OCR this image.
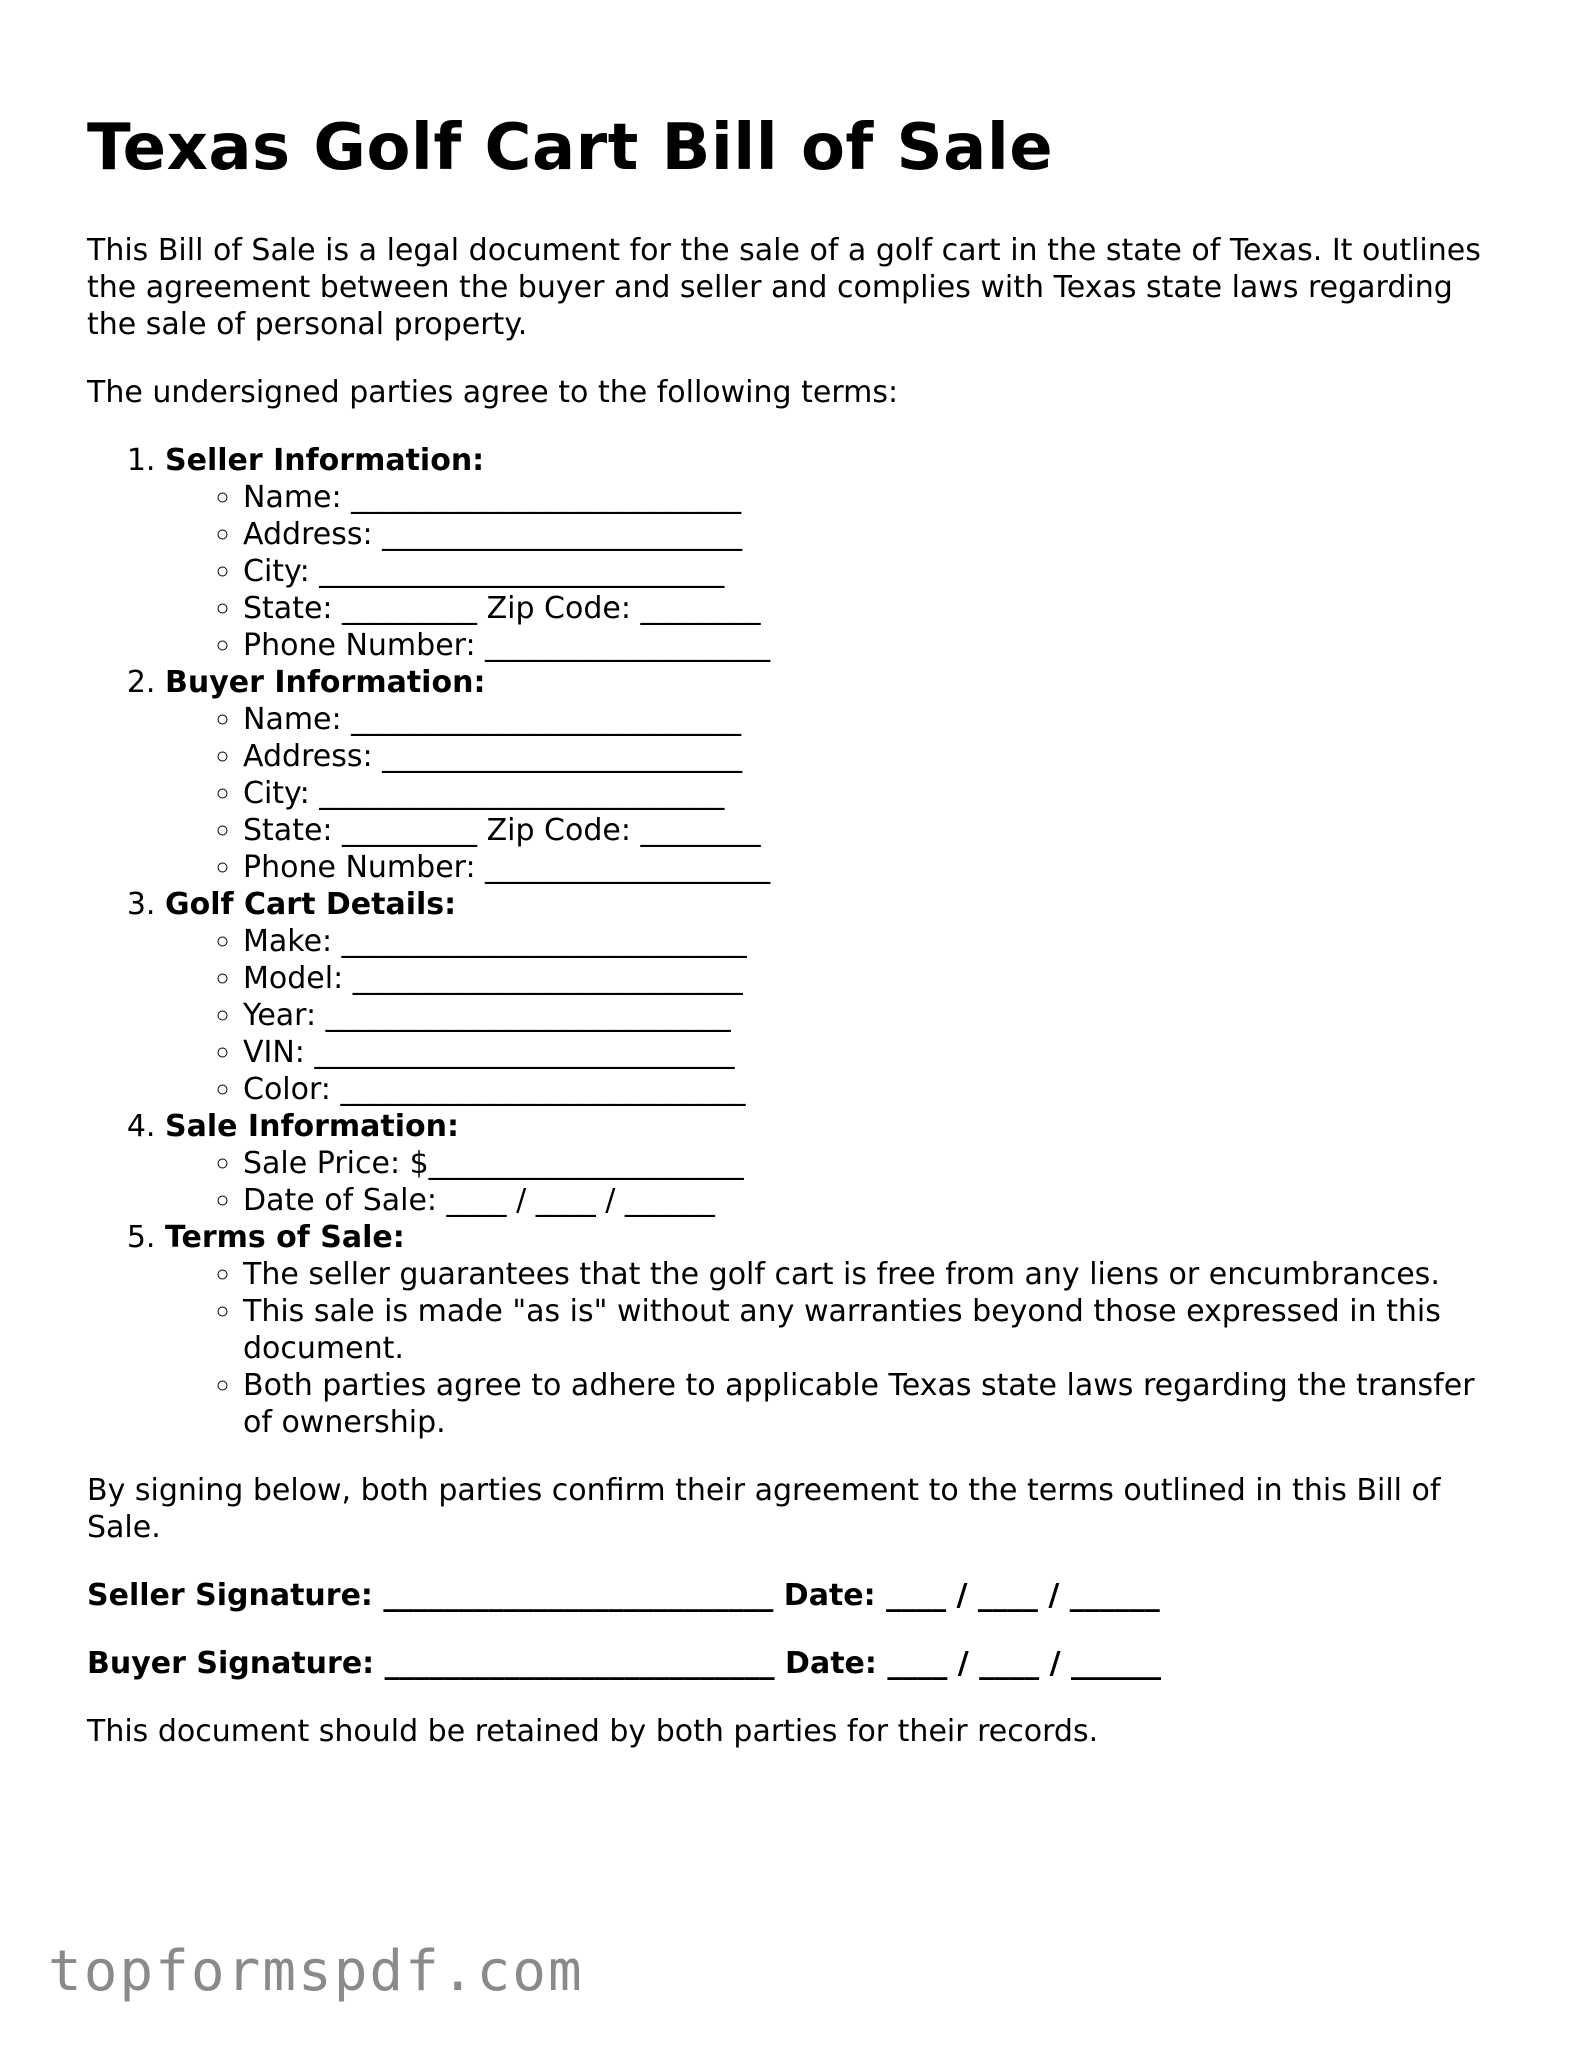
Texas Golf Cart Bill of Sale

This Bill of Sale is a legal document for the sale of a golf cart in the state of Texas. It outlines the agreement between the buyer and seller and complies with Texas state laws regarding the sale of personal property.

The undersigned parties agree to the following terms:

1. Seller Information:
◦ Name: __________________________
◦ Address: ________________________
◦ City: ___________________________
◦ State: _________ Zip Code: ________
◦ Phone Number: ___________________
2. Buyer Information:
◦ Name: __________________________
◦ Address: ________________________
◦ City: ___________________________
◦ State: _________ Zip Code: ________
◦ Phone Number: ___________________
3. Golf Cart Details:
◦ Make: ___________________________
◦ Model: __________________________
◦ Year: ___________________________
◦ VIN: ____________________________
◦ Color: ___________________________
4. Sale Information:
◦ Sale Price: $_____________________
◦ Date of Sale: ____ / ____ / ______
5. Terms of Sale:
◦ The seller guarantees that the golf cart is free from any liens or encumbrances.
◦ This sale is made "as is" without any warranties beyond those expressed in this document.
◦ Both parties agree to adhere to applicable Texas state laws regarding the transfer of ownership.

By signing below, both parties confirm their agreement to the terms outlined in this Bill of Sale.

Seller Signature: __________________________ Date: ____ / ____ / ______
Buyer Signature: __________________________ Date: ____ / ____ / ______

This document should be retained by both parties for their records.

topformspdf.com
